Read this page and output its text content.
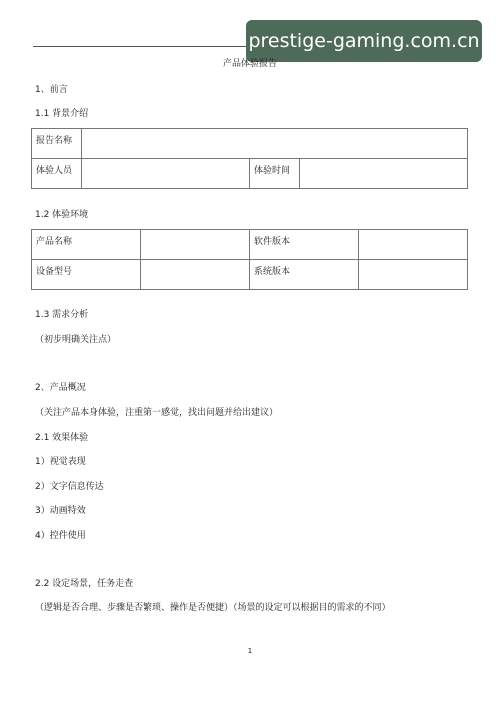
prestige-gaming.com.cn
产品体验报告
1、前言
1.1 背景介绍
报告名称			
体验人员		体验时间	
1.2 体验环境
产品名称		软件版本	
设备型号		系统版本	
1.3 需求分析
（初步明确关注点）
2、产品概况
（关注产品本身体验，注重第一感觉，找出问题并给出建议）
2.1 效果体验
1）视觉表现
2）文字信息传达
3）动画特效
4）控件使用
2.2 设定场景，任务走查
（逻辑是否合理、步骤是否繁琐、操作是否便捷）（场景的设定可以根据目的需求的不同）
1
